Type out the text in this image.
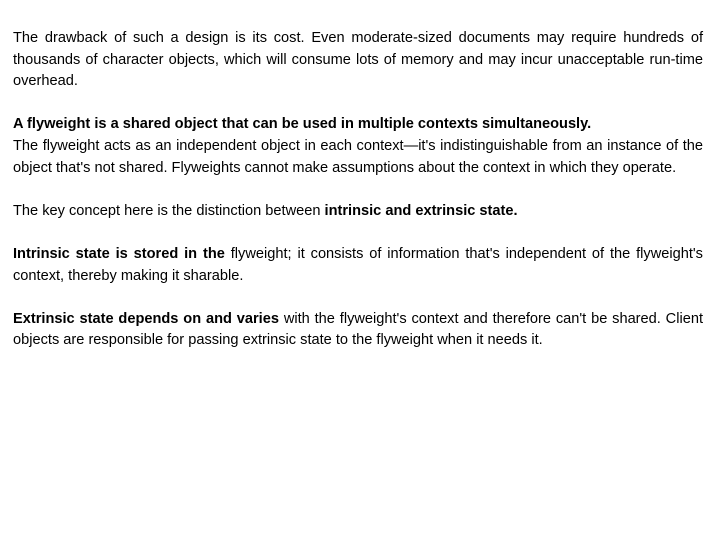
The drawback of such a design is its cost. Even moderate-sized documents may require hundreds of thousands of character objects, which will consume lots of memory and may incur unacceptable run-time overhead.

A flyweight is a shared object that can be used in multiple contexts simultaneously.
The flyweight acts as an independent object in each context—it's indistinguishable from an instance of the object that's not shared. Flyweights cannot make assumptions about the context in which they operate.

The key concept here is the distinction between intrinsic and extrinsic state.

Intrinsic state is stored in the flyweight; it consists of information that's independent of the flyweight's context, thereby making it sharable.

Extrinsic state depends on and varies with the flyweight's context and therefore can't be shared. Client objects are responsible for passing extrinsic state to the flyweight when it needs it.
